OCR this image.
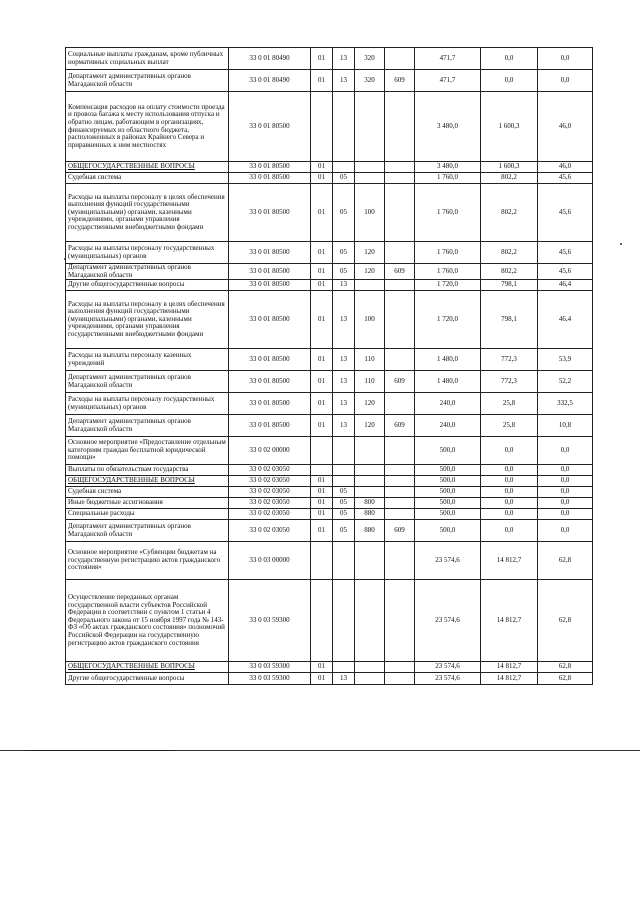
Социальные выплаты гражданам, кроме публичных нормативных социальных выплат	33 0 01 80490	01	13	320		471,7	0,0	0,0
Департамент административных органов Магаданской области	33 0 01 80490	01	13	320	609	471,7	0,0	0,0
Компенсация расходов на оплату стоимости проезда и провоза багажа к месту использования отпуска и обратно лицам, работающим в организациях, финансируемых из областного бюджета, расположенных в районах Крайнего Севера и приравненных к ним местностях	33 0 01 80500					3 480,0	1 600,3	46,0
ОБЩЕГОСУДАРСТВЕННЫЕ ВОПРОСЫ	33 0 01 80500	01				3 480,0	1 600,3	46,0
Судебная система	33 0 01 80500	01	05			1 760,0	802,2	45,6
Расходы на выплаты персоналу в целях обеспечения выполнения функций государственными (муниципальными) органами, казенными учреждениями, органами управления государственными внебюджетными фондами	33 0 01 80500	01	05	100		1 760,0	802,2	45,6
Расходы на выплаты персоналу государственных (муниципальных) органов	33 0 01 80500	01	05	120		1 760,0	802,2	45,6
Департамент административных органов Магаданской области	33 0 01 80500	01	05	120	609	1 760,0	802,2	45,6
Другие общегосударственные вопросы	33 0 01 80500	01	13			1 720,0	798,1	46,4
Расходы на выплаты персоналу в целях обеспечения выполнения функций государственными (муниципальными) органами, казенными учреждениями, органами управления государственными внебюджетными фондами	33 0 01 80500	01	13	100		1 720,0	798,1	46,4
Расходы на выплаты персоналу казенных учреждений	33 0 01 80500	01	13	110		1 480,0	772,3	53,9
Департамент административных органов Магаданской области	33 0 01 80500	01	13	110	609	1 480,0	772,3	52,2
Расходы на выплаты персоналу государственных (муниципальных) органов	33 0 01 80500	01	13	120		240,0	25,8	332,5
Департамент административных органов Магаданской области	33 0 01 80500	01	13	120	609	240,0	25,8	10,8
Основное мероприятие «Предоставление отдельным категориям граждан бесплатной юридической помощи»	33 0 02 00000					500,0	0,0	0,0
Выплаты по обязательствам государства	33 0 02 03050					500,0	0,0	0,0
ОБЩЕГОСУДАРСТВЕННЫЕ ВОПРОСЫ	33 0 02 03050	01				500,0	0,0	0,0
Судебная система	33 0 02 03050	01	05			500,0	0,0	0,0
Иные бюджетные ассигнования	33 0 02 03050	01	05	800		500,0	0,0	0,0
Специальные расходы	33 0 02 03050	01	05	880		500,0	0,0	0,0
Департамент административных органов Магаданской области	33 0 02 03050	01	05	880	609	500,0	0,0	0,0
Основное мероприятие «Субвенции бюджетам на государственную регистрацию актов гражданского состояния»	33 0 03 00000					23 574,6	14 812,7	62,8
Осуществление переданных органам государственной власти субъектов Российской Федерации в соответствии с пунктом 1 статьи 4 Федерального закона от 15 ноября 1997 года № 143-ФЗ «Об актах гражданского состояния» полномочий Российской Федерации на государственную регистрацию актов гражданского состояния	33 0 03 59300					23 574,6	14 812,7	62,8
ОБЩЕГОСУДАРСТВЕННЫЕ ВОПРОСЫ	33 0 03 59300	01				23 574,6	14 812,7	62,8
Другие общегосударственные вопросы	33 0 03 59300	01	13			23 574,6	14 812,7	62,8
